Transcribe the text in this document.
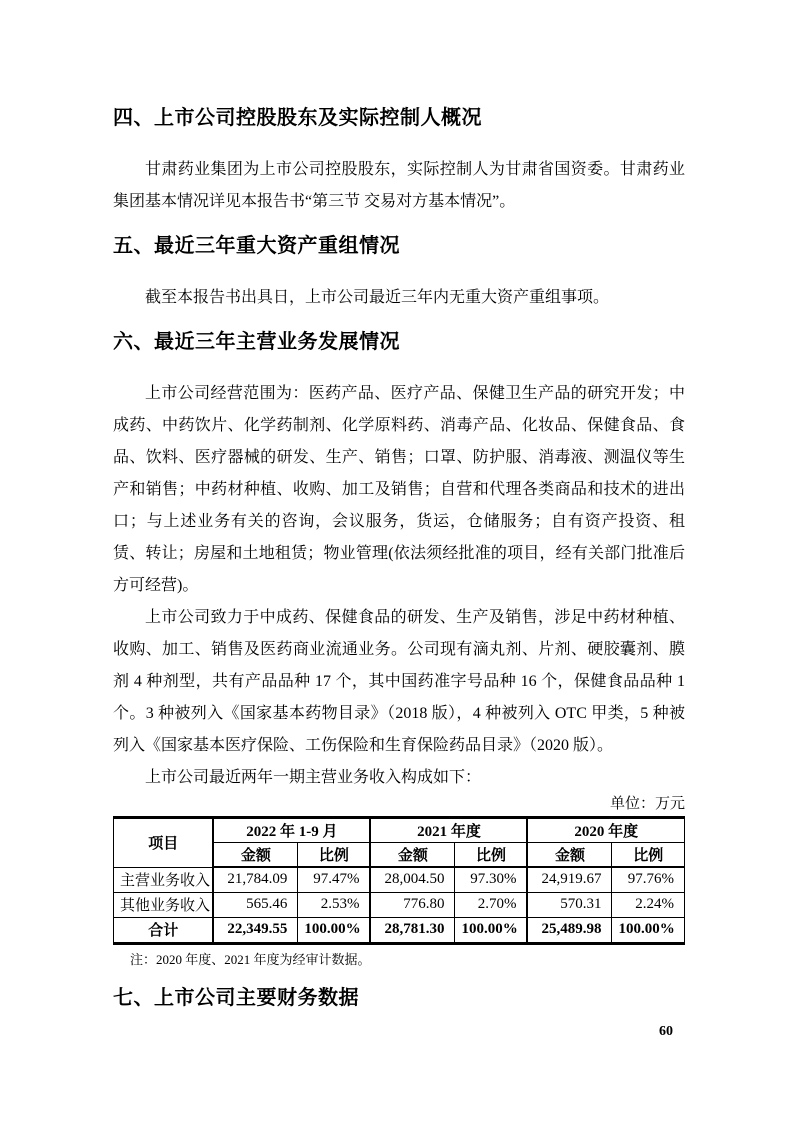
四、上市公司控股股东及实际控制人概况

甘肃药业集团为上市公司控股股东，实际控制人为甘肃省国资委。甘肃药业集团基本情况详见本报告书“第三节 交易对方基本情况”。

五、最近三年重大资产重组情况

截至本报告书出具日，上市公司最近三年内无重大资产重组事项。

六、最近三年主营业务发展情况

上市公司经营范围为：医药产品、医疗产品、保健卫生产品的研究开发；中成药、中药饮片、化学药制剂、化学原料药、消毒产品、化妆品、保健食品、食品、饮料、医疗器械的研发、生产、销售；口罩、防护服、消毒液、测温仪等生产和销售；中药材种植、收购、加工及销售；自营和代理各类商品和技术的进出口；与上述业务有关的咨询，会议服务，货运，仓储服务；自有资产投资、租赁、转让；房屋和土地租赁；物业管理(依法须经批准的项目，经有关部门批准后方可经营)。

上市公司致力于中成药、保健食品的研发、生产及销售，涉足中药材种植、收购、加工、销售及医药商业流通业务。公司现有滴丸剂、片剂、硬胶囊剂、膜剂 4 种剂型，共有产品品种 17 个，其中国药准字号品种 16 个，保健食品品种 1 个。3 种被列入《国家基本药物目录》（2018 版），4 种被列入 OTC 甲类，5 种被列入《国家基本医疗保险、工伤保险和生育保险药品目录》（2020 版）。

上市公司最近两年一期主营业务收入构成如下：

单位：万元
项目	2022 年 1-9 月		2021 年度		2020 年度	
	金额	比例	金额	比例	金额	比例
主营业务收入	21,784.09	97.47%	28,004.50	97.30%	24,919.67	97.76%
其他业务收入	565.46	2.53%	776.80	2.70%	570.31	2.24%
合计	22,349.55	100.00%	28,781.30	100.00%	25,489.98	100.00%
注：2020 年度、2021 年度为经审计数据。
七、上市公司主要财务数据
60
